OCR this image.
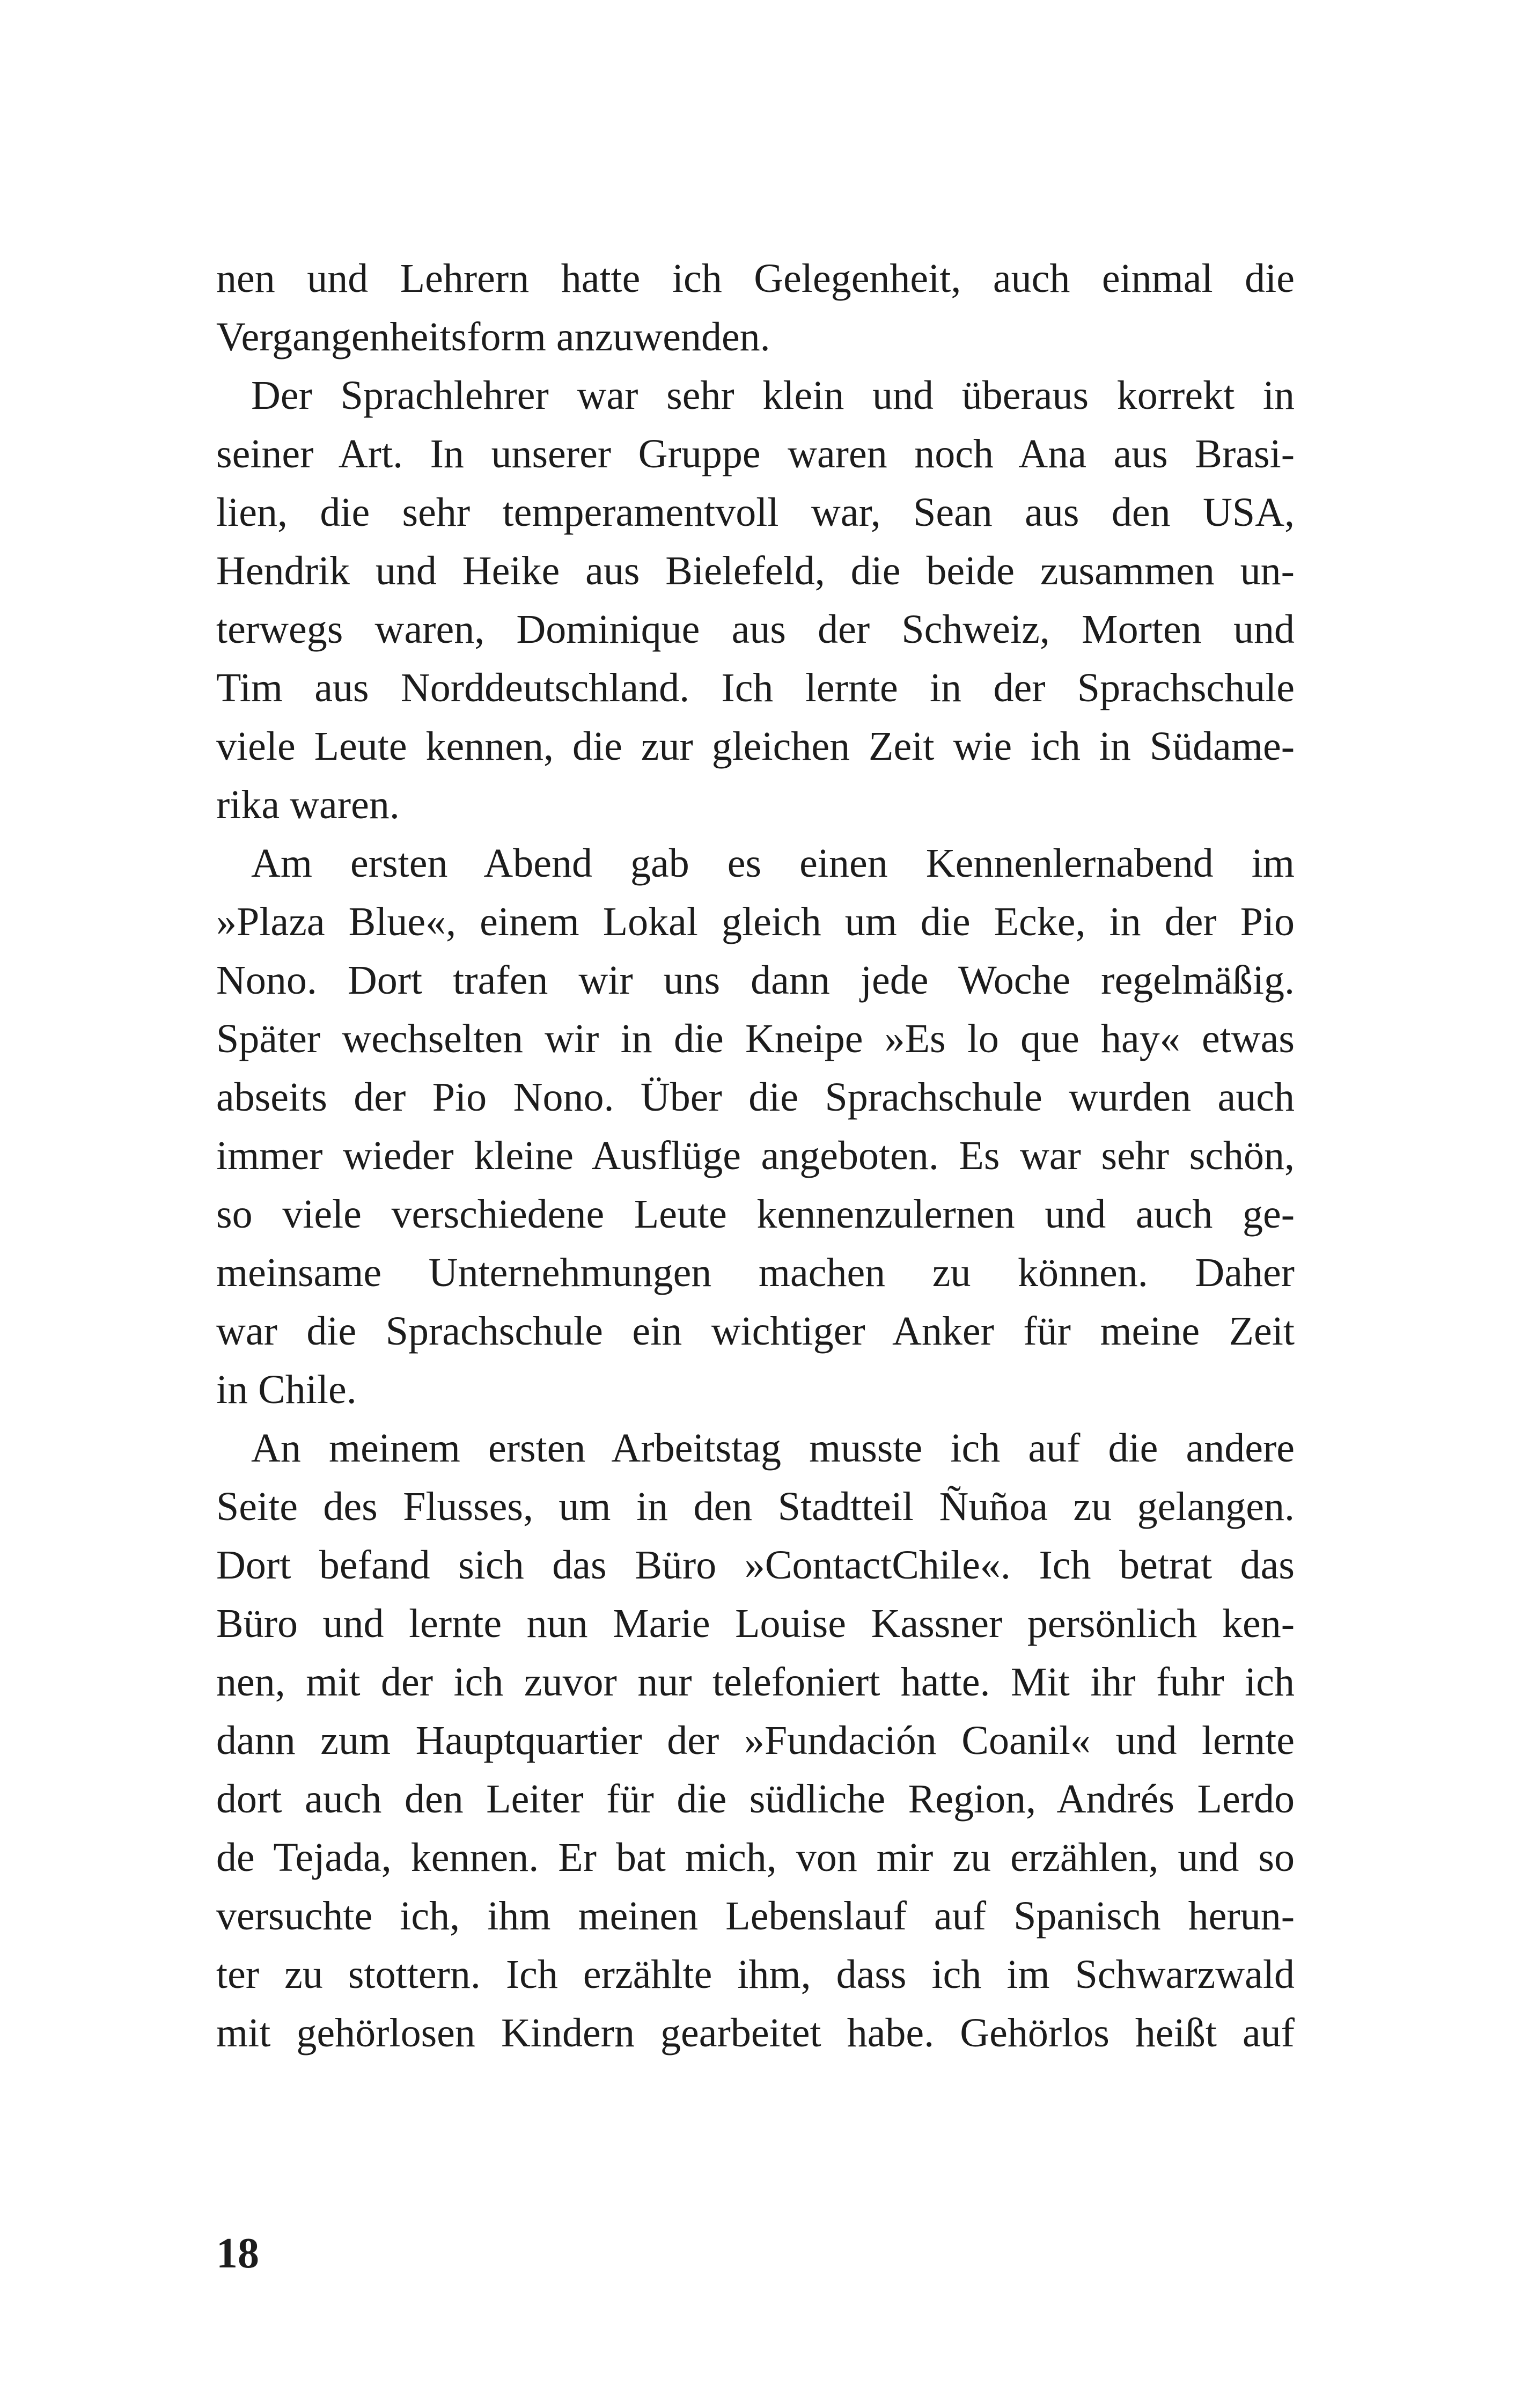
nen und Lehrern hatte ich Gelegenheit, auch einmal die
Vergangenheitsform anzuwenden.
Der Sprachlehrer war sehr klein und überaus korrekt in
seiner Art. In unserer Gruppe waren noch Ana aus Brasi-
lien, die sehr temperamentvoll war, Sean aus den USA,
Hendrik und Heike aus Bielefeld, die beide zusammen un-
terwegs waren, Dominique aus der Schweiz, Morten und
Tim aus Norddeutschland. Ich lernte in der Sprachschule
viele Leute kennen, die zur gleichen Zeit wie ich in Südame-
rika waren.
Am ersten Abend gab es einen Kennenlernabend im
»Plaza Blue«, einem Lokal gleich um die Ecke, in der Pio
Nono. Dort trafen wir uns dann jede Woche regelmäßig.
Später wechselten wir in die Kneipe »Es lo que hay« etwas
abseits der Pio Nono. Über die Sprachschule wurden auch
immer wieder kleine Ausflüge angeboten. Es war sehr schön,
so viele verschiedene Leute kennenzulernen und auch ge-
meinsame Unternehmungen machen zu können. Daher
war die Sprachschule ein wichtiger Anker für meine Zeit
in Chile.
An meinem ersten Arbeitstag musste ich auf die andere
Seite des Flusses, um in den Stadtteil Ñuñoa zu gelangen.
Dort befand sich das Büro »ContactChile«. Ich betrat das
Büro und lernte nun Marie Louise Kassner persönlich ken-
nen, mit der ich zuvor nur telefoniert hatte. Mit ihr fuhr ich
dann zum Hauptquartier der »Fundación Coanil« und lernte
dort auch den Leiter für die südliche Region, Andrés Lerdo
de Tejada, kennen. Er bat mich, von mir zu erzählen, und so
versuchte ich, ihm meinen Lebenslauf auf Spanisch herun-
ter zu stottern. Ich erzählte ihm, dass ich im Schwarzwald
mit gehörlosen Kindern gearbeitet habe. Gehörlos heißt auf
18
